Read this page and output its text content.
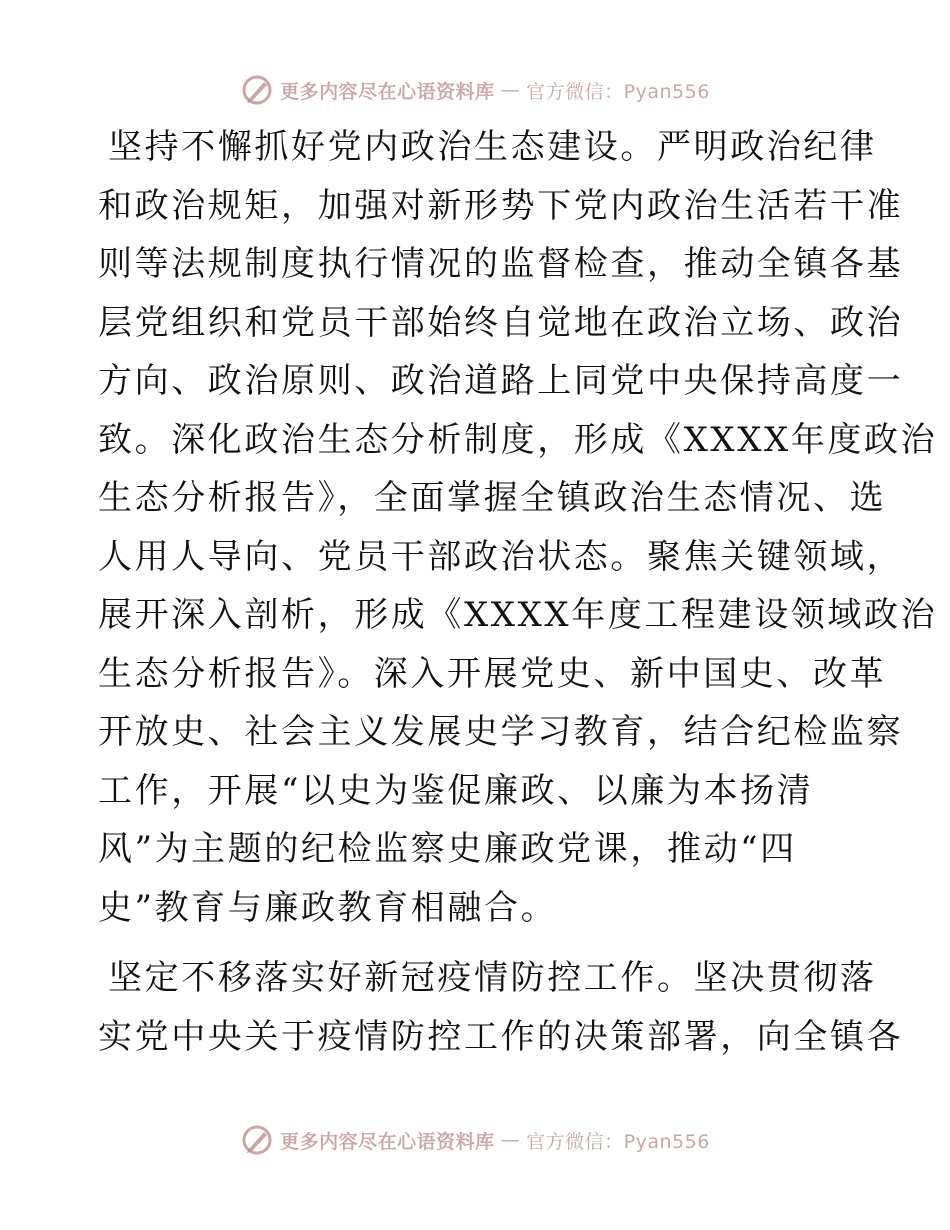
更多内容尽在心语资料库 — 官方微信：Pyan556

坚持不懈抓好党内政治生态建设。严明政治纪律
和政治规矩，加强对新形势下党内政治生活若干准
则等法规制度执行情况的监督检查，推动全镇各基
层党组织和党员干部始终自觉地在政治立场、政治
方向、政治原则、政治道路上同党中央保持高度一
致。深化政治生态分析制度，形成《XXXX年度政治
生态分析报告》，全面掌握全镇政治生态情况、选
人用人导向、党员干部政治状态。聚焦关键领域，
展开深入剖析，形成《XXXX年度工程建设领域政治
生态分析报告》。深入开展党史、新中国史、改革
开放史、社会主义发展史学习教育，结合纪检监察
工作，开展“以史为鉴促廉政、以廉为本扬清
风”为主题的纪检监察史廉政党课，推动“四
史”教育与廉政教育相融合。

坚定不移落实好新冠疫情防控工作。坚决贯彻落
实党中央关于疫情防控工作的决策部署，向全镇各

更多内容尽在心语资料库 — 官方微信：Pyan556
